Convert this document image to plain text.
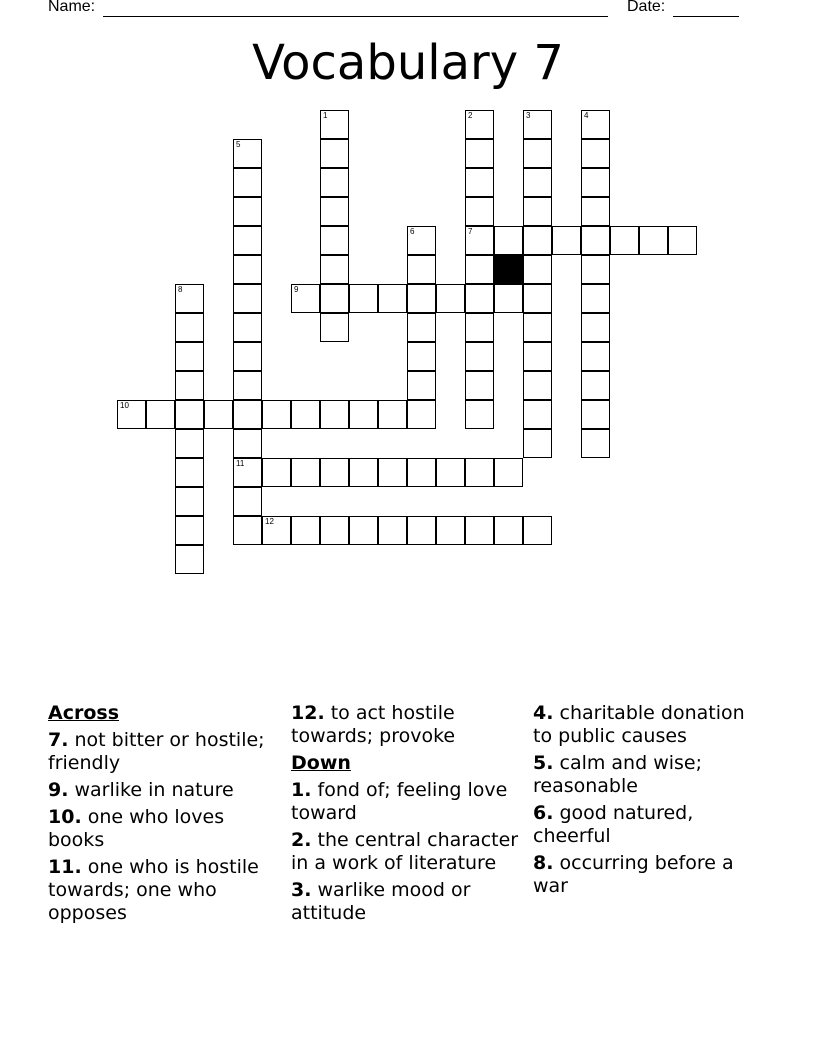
Name:	Date:
Vocabulary 7
1	2
7
3	4
5
11
6
8	9
10
12
Across
7. not bitter or hostile; friendly
9. warlike in nature
10. one who loves books
11. one who is hostile towards; one who opposes
12. to act hostile towards; provoke
Down
1. fond of; feeling love toward
2. the central character in a work of literature
3. warlike mood or attitude
4. charitable donation to public causes
5. calm and wise; reasonable
6. good natured, cheerful
8. occurring before a war
